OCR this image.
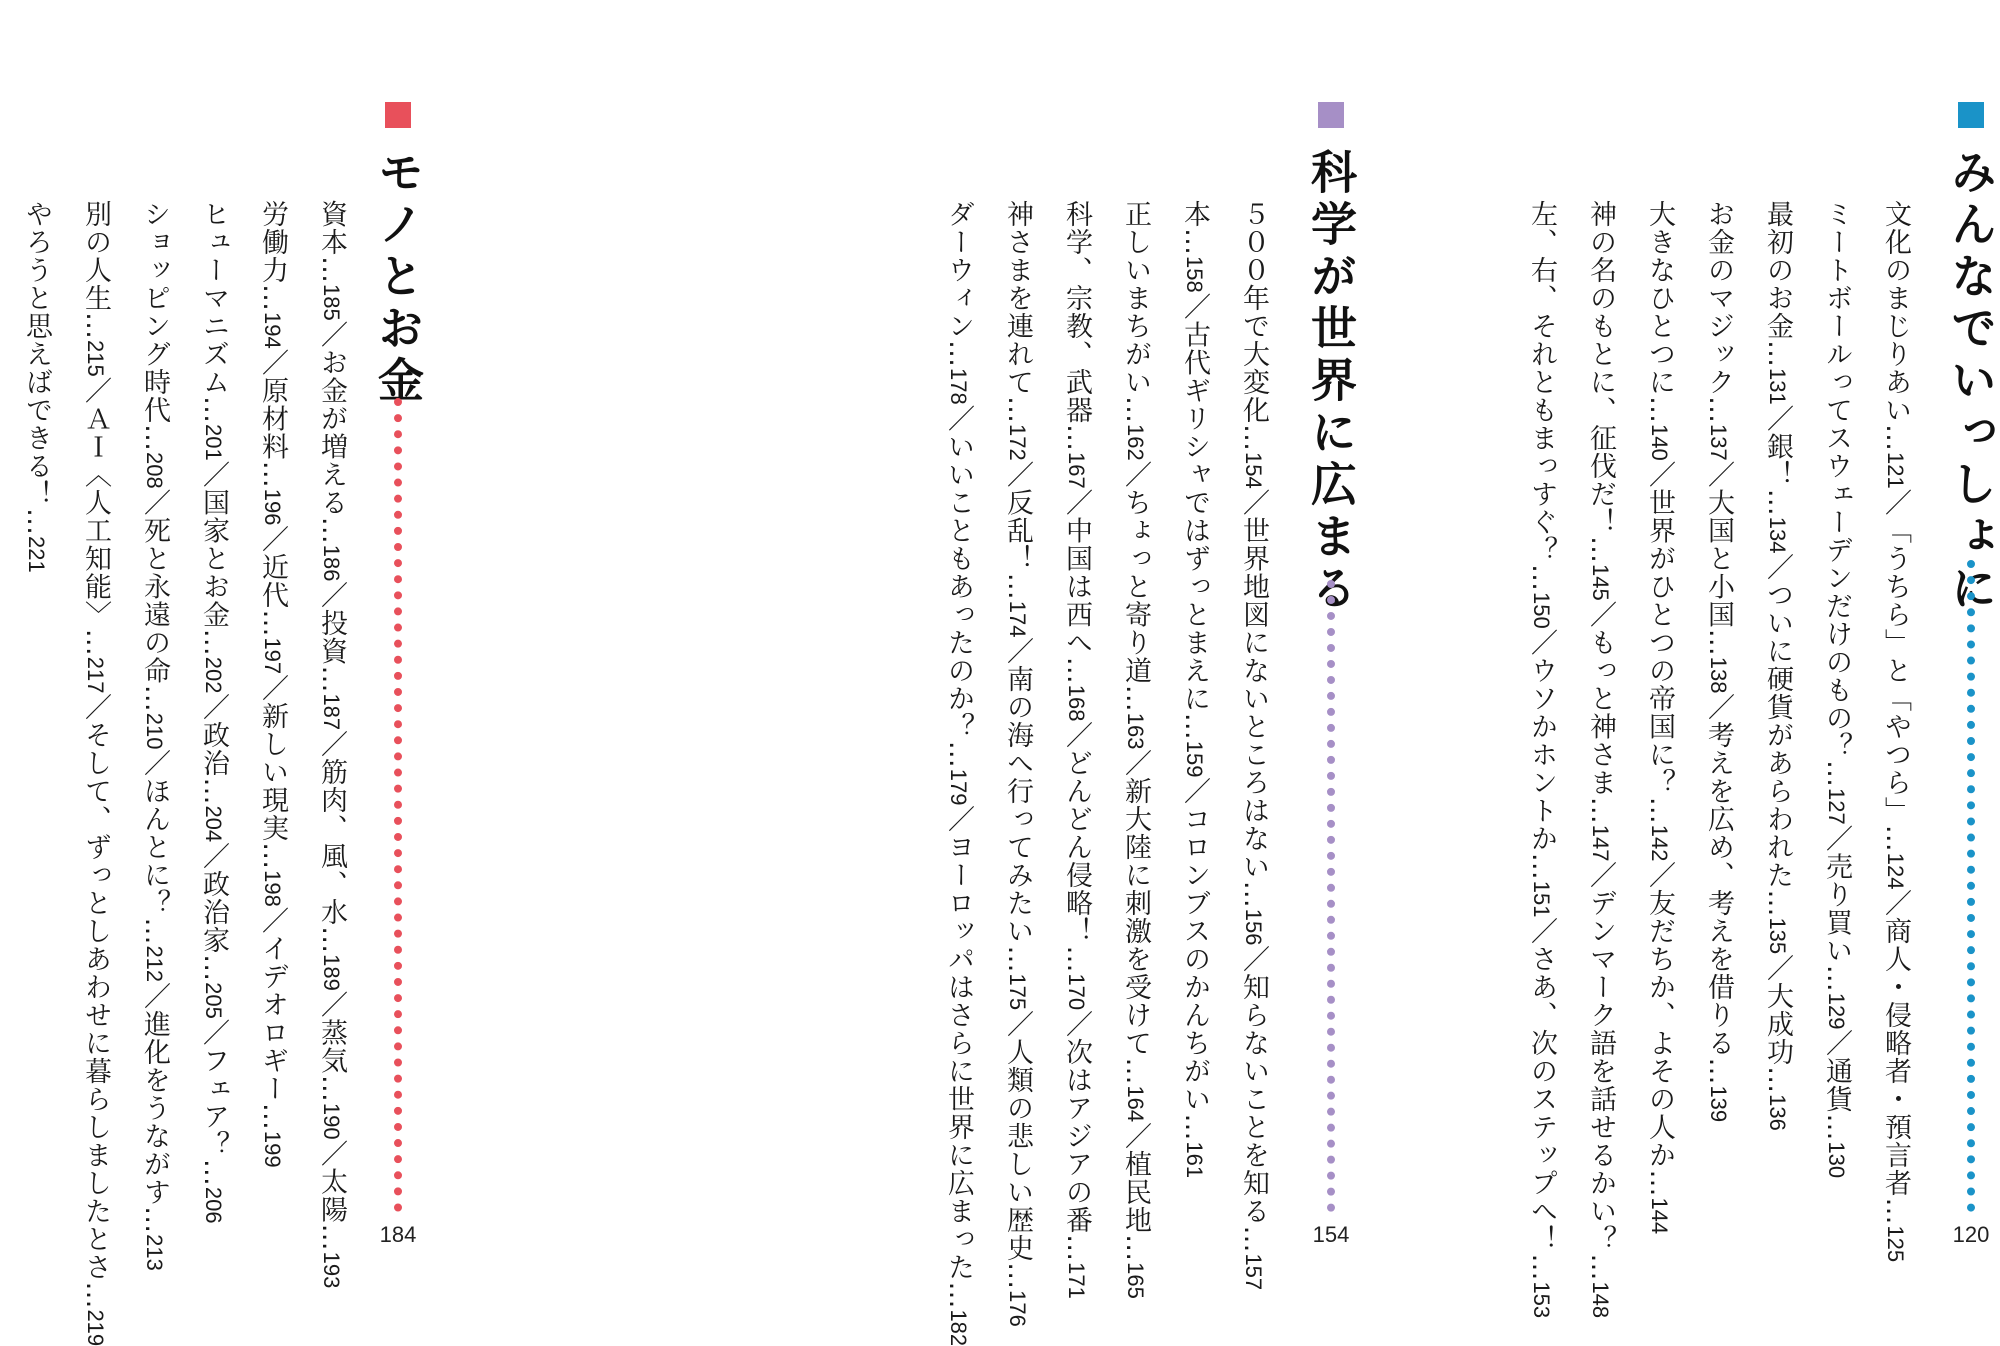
みんなでいっしょに
120
文化のまじりあい…121／「うちら」と「やつら」…124／商人・侵略者・預言者…125
ミートボールってスウェーデンだけのもの？…127／売り買い…129／通貨…130
最初のお金…131／銀！…134／ついに硬貨があらわれた…135／大成功…136
お金のマジック…137／大国と小国…138／考えを広め、考えを借りる…139
大きなひとつに…140／世界がひとつの帝国に？…142／友だちか、よその人か…144
神の名のもとに、征伐だ！…145／もっと神さま…147／デンマーク語を話せるかい？…148
左、右、それともまっすぐ？…150／ウソかホントか…151／さあ、次のステップへ！…153
科学が世界に広まる
154
５００年で大変化…154／世界地図にないところはない…156／知らないことを知る…157
本…158／古代ギリシャではずっとまえに…159／コロンブスのかんちがい…161
正しいまちがい…162／ちょっと寄り道…163／新大陸に刺激を受けて…164／植民地…165
科学、宗教、武器…167／中国は西へ…168／どんどん侵略！…170／次はアジアの番…171
神さまを連れて…172／反乱！…174／南の海へ行ってみたい…175／人類の悲しい歴史…176
ダーウィン…178／いいこともあったのか？…179／ヨーロッパはさらに世界に広まった…182
モノとお金
184
資本…185／お金が増える…186／投資…187／筋肉、風、水…189／蒸気…190／太陽…193
労働力…194／原材料…196／近代…197／新しい現実…198／イデオロギー…199
ヒューマニズム…201／国家とお金…202／政治…204／政治家…205／フェア？…206
ショッピング時代…208／死と永遠の命…210／ほんとに？…212／進化をうながす…213
別の人生…215／ＡＩ〈人工知能〉…217／そして、ずっとしあわせに暮らしましたとさ…219
やろうと思えばできる！…221
